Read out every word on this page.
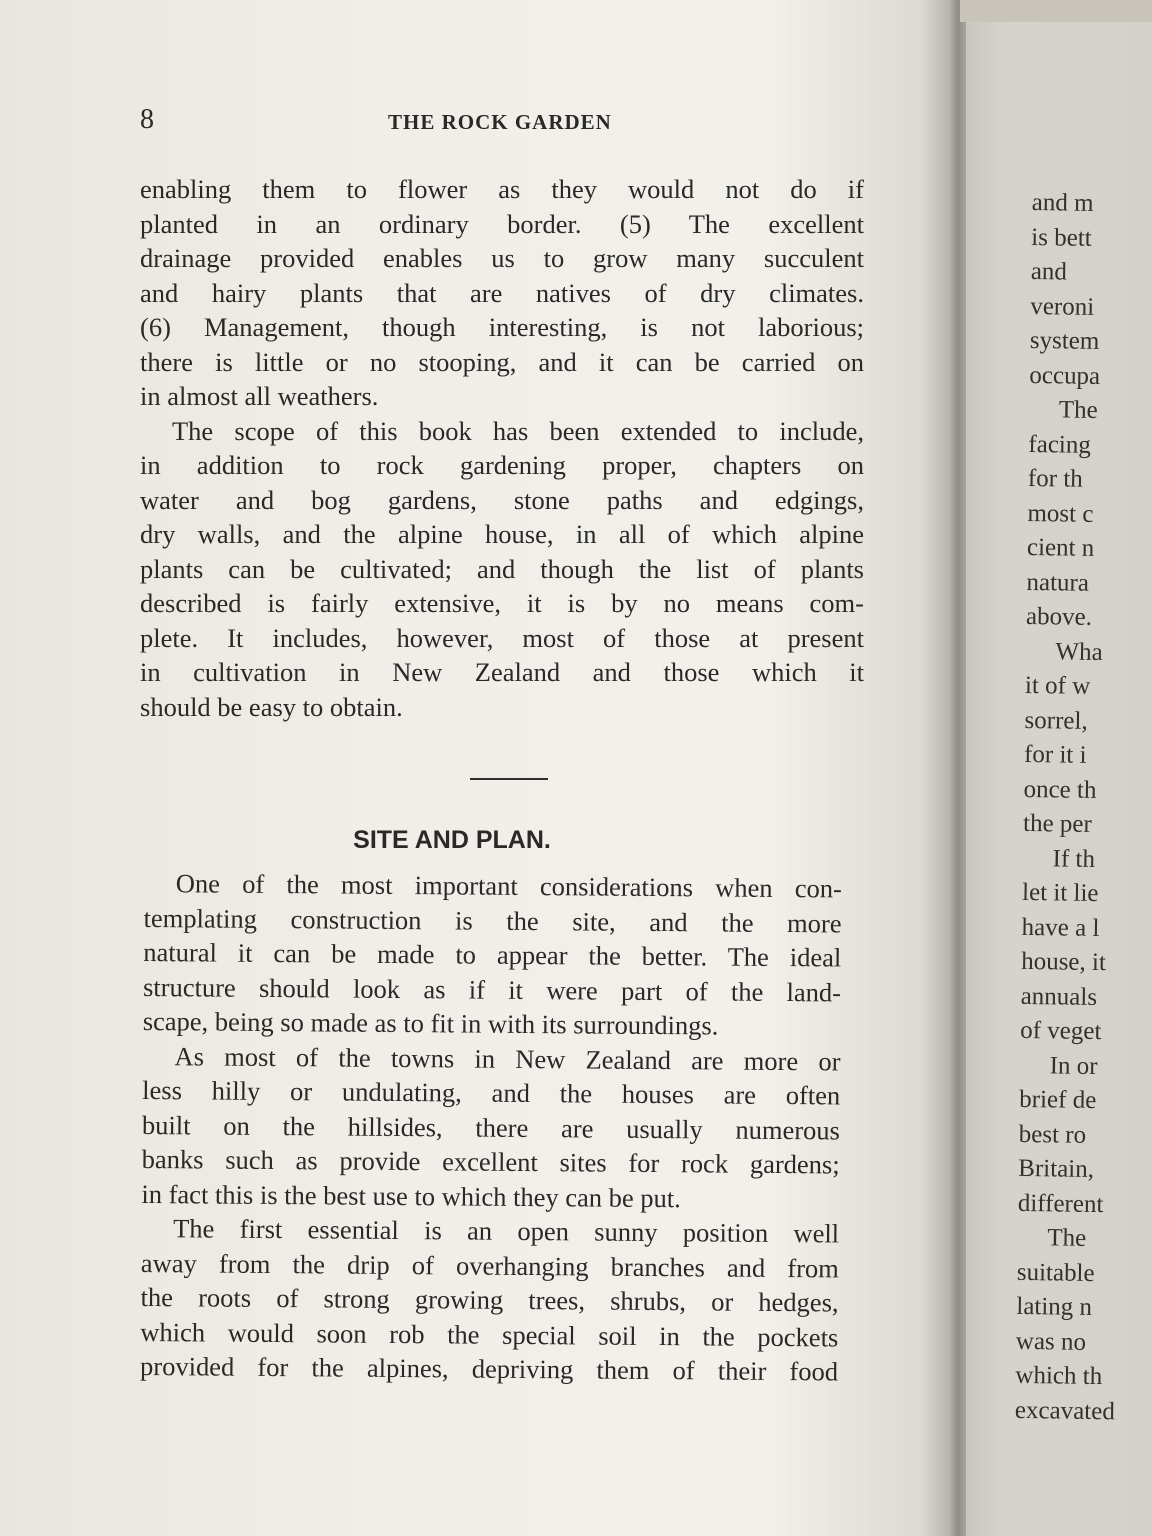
8	THE ROCK GARDEN
enabling them to flower as they would not do if
planted in an ordinary border. (5) The excellent
drainage provided enables us to grow many succulent
and hairy plants that are natives of dry climates.
(6) Management, though interesting, is not laborious;
there is little or no stooping, and it can be carried on
in almost all weathers.
The scope of this book has been extended to include,
in addition to rock gardening proper, chapters on
water and bog gardens, stone paths and edgings,
dry walls, and the alpine house, in all of which alpine
plants can be cultivated; and though the list of plants
described is fairly extensive, it is by no means com-
plete. It includes, however, most of those at present
in cultivation in New Zealand and those which it
should be easy to obtain.
SITE AND PLAN.
One of the most important considerations when con-
templating construction is the site, and the more
natural it can be made to appear the better. The ideal
structure should look as if it were part of the land-
scape, being so made as to fit in with its surroundings.
As most of the towns in New Zealand are more or
less hilly or undulating, and the houses are often
built on the hillsides, there are usually numerous
banks such as provide excellent sites for rock gardens;
in fact this is the best use to which they can be put.
The first essential is an open sunny position well
away from the drip of overhanging branches and from
the roots of strong growing trees, shrubs, or hedges,
which would soon rob the special soil in the pockets
provided for the alpines, depriving them of their food
and m
is bett
and
veroni
system
occupa
The
facing
for th
most c
cient n
natura
above.
Wha
it of w
sorrel,
for it i
once th
the per
If th
let it lie
have a l
house, it
annuals
of veget
In or
brief de
best ro
Britain,
different
The
suitable
lating n
was no
which th
excavated
